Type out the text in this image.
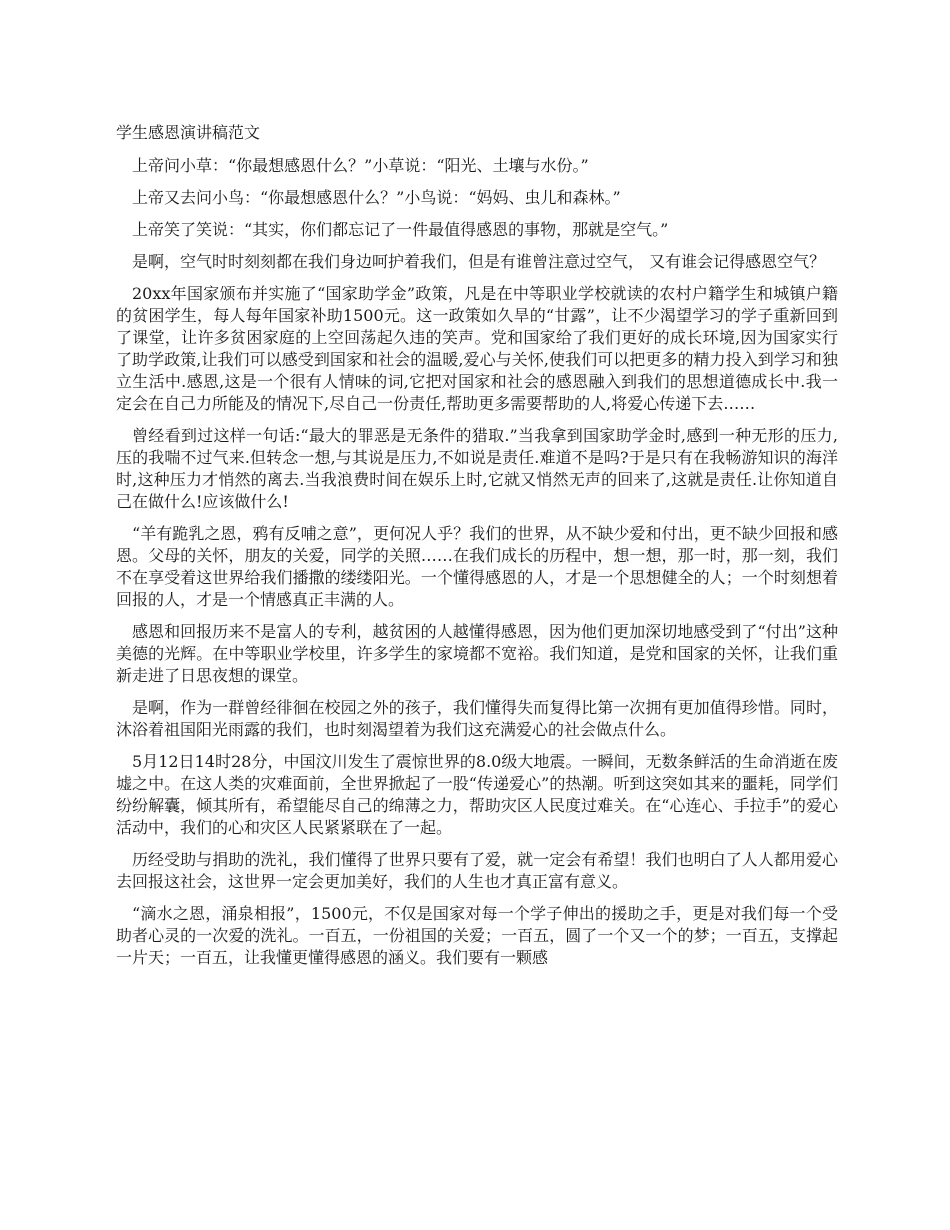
学生感恩演讲稿范文

上帝问小草：“你最想感恩什么？”小草说：“阳光、土壤与水份。”

上帝又去问小鸟：“你最想感恩什么？”小鸟说：“妈妈、虫儿和森林。”

上帝笑了笑说：“其实，你们都忘记了一件最值得感恩的事物，那就是空气。”

是啊，空气时时刻刻都在我们身边呵护着我们，但是有谁曾注意过空气， 又有谁会记得感恩空气？

20xx年国家颁布并实施了“国家助学金”政策，凡是在中等职业学校就读的农村户籍学生和城镇户籍的贫困学生，每人每年国家补助1500元。这一政策如久旱的“甘露”，让不少渴望学习的学子重新回到了课堂，让许多贫困家庭的上空回荡起久违的笑声。党和国家给了我们更好的成长环境,因为国家实行了助学政策,让我们可以感受到国家和社会的温暖,爱心与关怀,使我们可以把更多的精力投入到学习和独立生活中.感恩,这是一个很有人情味的词,它把对国家和社会的感恩融入到我们的思想道德成长中.我一定会在自己力所能及的情况下,尽自己一份责任,帮助更多需要帮助的人,将爱心传递下去……

曾经看到过这样一句话:“最大的罪恶是无条件的猎取.”当我拿到国家助学金时,感到一种无形的压力,压的我喘不过气来.但转念一想,与其说是压力,不如说是责任.难道不是吗?于是只有在我畅游知识的海洋时,这种压力才悄然的离去.当我浪费时间在娱乐上时,它就又悄然无声的回来了,这就是责任.让你知道自己在做什么!应该做什么!

“羊有跪乳之恩，鸦有反哺之意”，更何况人乎？我们的世界，从不缺少爱和付出，更不缺少回报和感恩。父母的关怀，朋友的关爱，同学的关照……在我们成长的历程中，想一想，那一时，那一刻，我们不在享受着这世界给我们播撒的缕缕阳光。一个懂得感恩的人，才是一个思想健全的人；一个时刻想着回报的人，才是一个情感真正丰满的人。

感恩和回报历来不是富人的专利，越贫困的人越懂得感恩，因为他们更加深切地感受到了“付出”这种美德的光辉。在中等职业学校里，许多学生的家境都不宽裕。我们知道，是党和国家的关怀，让我们重新走进了日思夜想的课堂。

是啊，作为一群曾经徘徊在校园之外的孩子，我们懂得失而复得比第一次拥有更加值得珍惜。同时，沐浴着祖国阳光雨露的我们，也时刻渴望着为我们这充满爱心的社会做点什么。

5月12日14时28分，中国汶川发生了震惊世界的8.0级大地震。一瞬间，无数条鲜活的生命消逝在废墟之中。在这人类的灾难面前，全世界掀起了一股“传递爱心”的热潮。听到这突如其来的噩耗，同学们纷纷解囊，倾其所有，希望能尽自己的绵薄之力，帮助灾区人民度过难关。在“心连心、手拉手”的爱心活动中，我们的心和灾区人民紧紧联在了一起。

历经受助与捐助的洗礼，我们懂得了世界只要有了爱，就一定会有希望！我们也明白了人人都用爱心去回报这社会，这世界一定会更加美好，我们的人生也才真正富有意义。

“滴水之恩，涌泉相报”，1500元，不仅是国家对每一个学子伸出的援助之手，更是对我们每一个受助者心灵的一次爱的洗礼。一百五，一份祖国的关爱；一百五，圆了一个又一个的梦；一百五，支撑起一片天；一百五，让我懂更懂得感恩的涵义。我们要有一颗感
